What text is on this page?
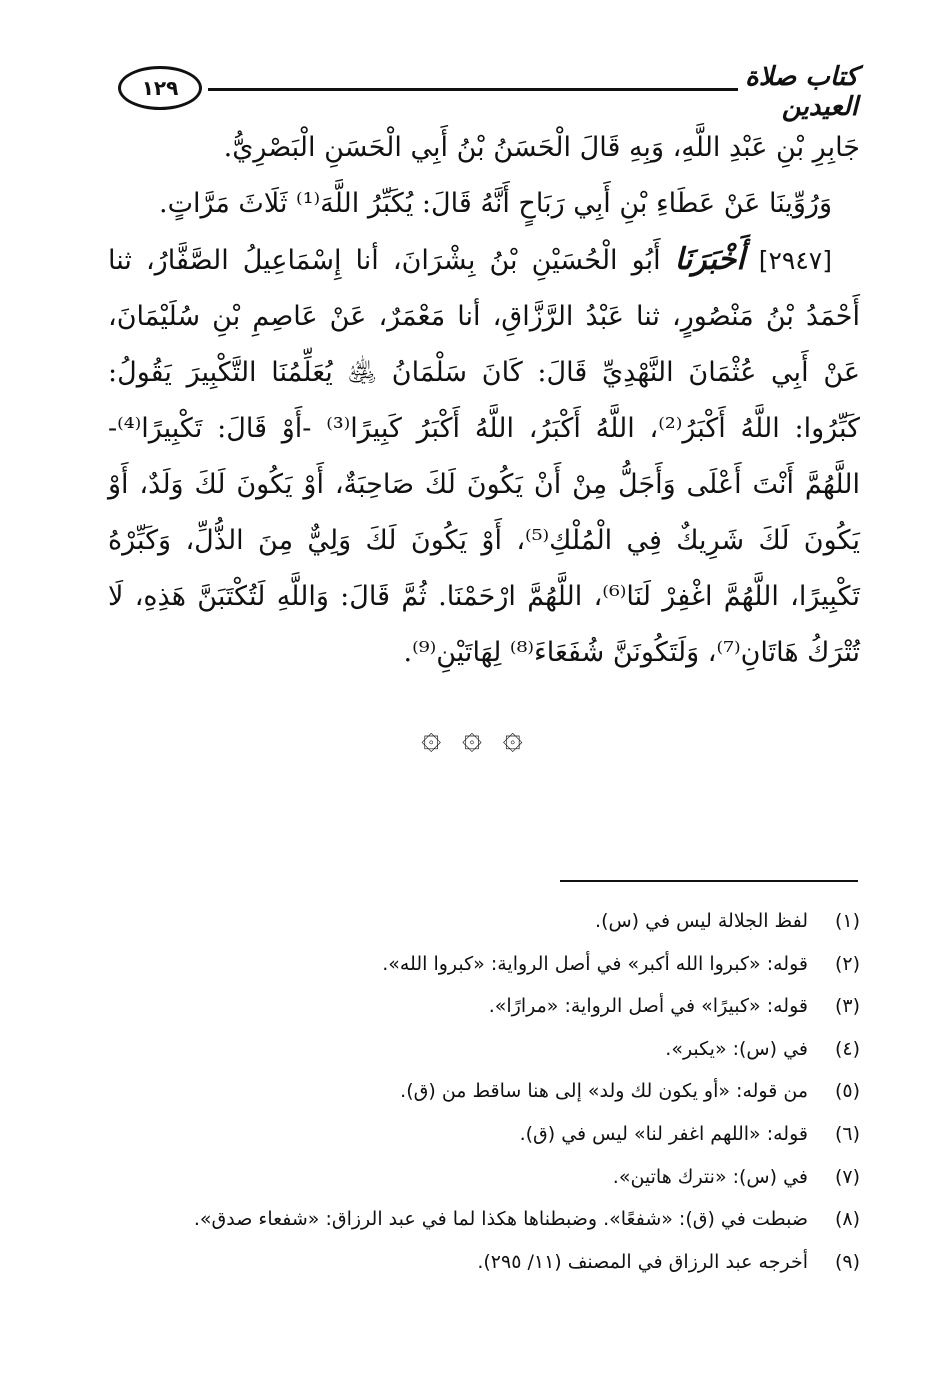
١٢٩	كتاب صلاة العيدين

جَابِرِ بْنِ عَبْدِ اللَّهِ، وَبِهِ قَالَ الْحَسَنُ بْنُ أَبِي الْحَسَنِ الْبَصْرِيُّ.

وَرُوِّينَا عَنْ عَطَاءِ بْنِ أَبِي رَبَاحٍ أَنَّهُ قَالَ: يُكَبِّرُ اللَّهَ⁽¹⁾ ثَلَاثَ مَرَّاتٍ.

[٢٩٤٧] أَخْبَرَنَا أَبُو الْحُسَيْنِ بْنُ بِشْرَانَ، أنا إِسْمَاعِيلُ الصَّفَّارُ، ثنا أَحْمَدُ بْنُ مَنْصُورٍ، ثنا عَبْدُ الرَّزَّاقِ، أنا مَعْمَرٌ، عَنْ عَاصِمِ بْنِ سُلَيْمَانَ، عَنْ أَبِي عُثْمَانَ النَّهْدِيِّ قَالَ: كَانَ سَلْمَانُ ﵁ يُعَلِّمُنَا التَّكْبِيرَ يَقُولُ: كَبِّرُوا: اللَّهُ أَكْبَرُ⁽²⁾، اللَّهُ أَكْبَرُ، اللَّهُ أَكْبَرُ كَبِيرًا⁽³⁾ -أَوْ قَالَ: تَكْبِيرًا⁽⁴⁾- اللَّهُمَّ أَنْتَ أَعْلَى وَأَجَلُّ مِنْ أَنْ يَكُونَ لَكَ صَاحِبَةٌ، أَوْ يَكُونَ لَكَ وَلَدٌ، أَوْ يَكُونَ لَكَ شَرِيكٌ فِي الْمُلْكِ⁽⁵⁾، أَوْ يَكُونَ لَكَ وَلِيٌّ مِنَ الذُّلِّ، وَكَبِّرْهُ تَكْبِيرًا، اللَّهُمَّ اغْفِرْ لَنَا⁽⁶⁾، اللَّهُمَّ ارْحَمْنَا. ثُمَّ قَالَ: وَاللَّهِ لَتُكْتَبَنَّ هَذِهِ، لَا تُتْرَكُ هَاتَانِ⁽⁷⁾، وَلَتَكُونَنَّ شُفَعَاءَ⁽⁸⁾ لِهَاتَيْنِ⁽⁹⁾.

۞ ۞ ۞
(١)
لفظ الجلالة ليس في (س).
(٢)
قوله: «كبروا الله أكبر» في أصل الرواية: «كبروا الله».
(٣)
قوله: «كبيرًا» في أصل الرواية: «مرارًا».
(٤)
في (س): «يكبر».
(٥)
من قوله: «أو يكون لك ولد» إلى هنا ساقط من (ق).
(٦)
قوله: «اللهم اغفر لنا» ليس في (ق).
(٧)
في (س): «نترك هاتين».
(٨)
ضبطت في (ق): «شفعًا». وضبطناها هكذا لما في عبد الرزاق: «شفعاء صدق».
(٩)
أخرجه عبد الرزاق في المصنف (١١/ ٢٩٥).
